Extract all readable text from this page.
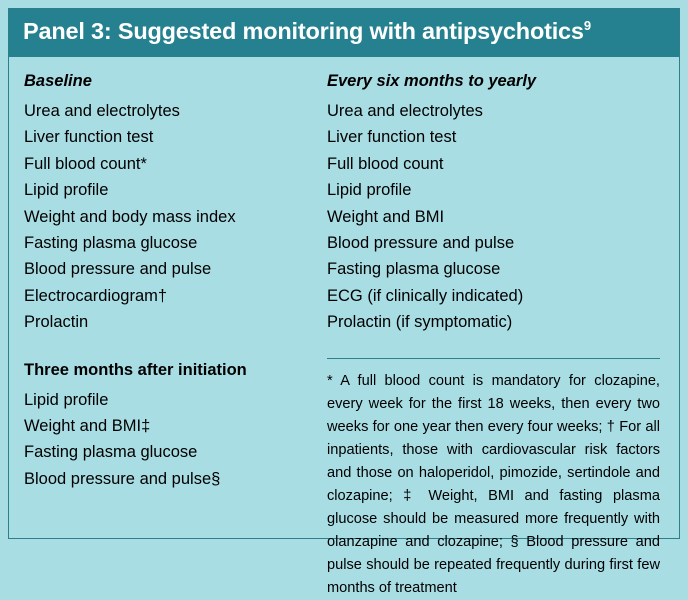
Panel 3: Suggested monitoring with antipsychotics$^9$
Baseline
Urea and electrolytes
Liver function test
Full blood count*
Lipid profile
Weight and body mass index
Fasting plasma glucose
Blood pressure and pulse
Electrocardiogram†
Prolactin
Three months after initiation
Lipid profile
Weight and BMI‡
Fasting plasma glucose
Blood pressure and pulse§
Every six months to yearly
Urea and electrolytes
Liver function test
Full blood count
Lipid profile
Weight and BMI
Blood pressure and pulse
Fasting plasma glucose
ECG (if clinically indicated)
Prolactin (if symptomatic)

* A full blood count is mandatory for clozapine, every week for the first 18 weeks, then every two weeks for one year then every four weeks; † For all inpatients, those with cardiovascular risk factors and those on haloperidol, pimozide, sertindole and clozapine; ‡ Weight, BMI and fasting plasma glucose should be measured more frequently with olanzapine and clozapine; § Blood pressure and pulse should be repeated frequently during first few months of treatment
